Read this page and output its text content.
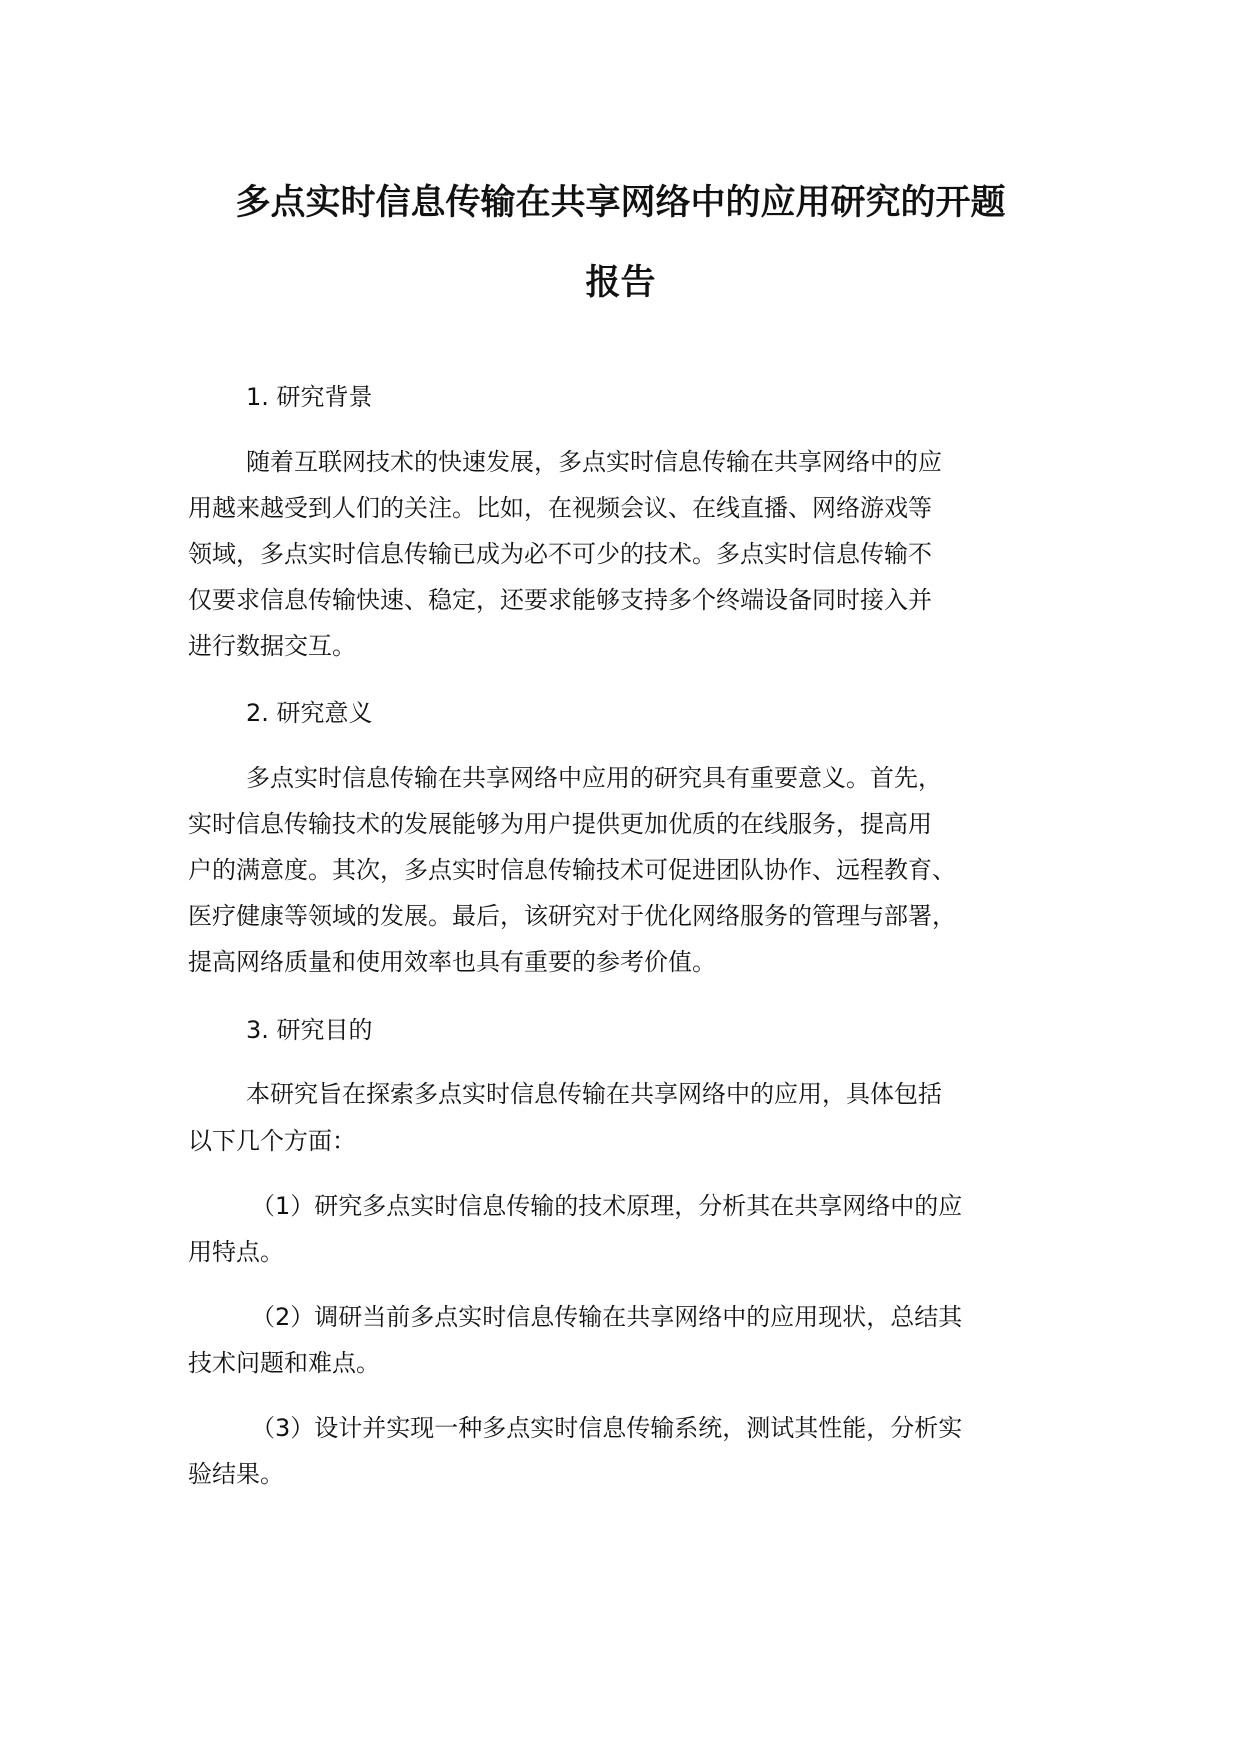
多点实时信息传输在共享网络中的应用研究的开题
报告

1. 研究背景

随着互联网技术的快速发展，多点实时信息传输在共享网络中的应

用越来越受到人们的关注。比如，在视频会议、在线直播、网络游戏等

领域，多点实时信息传输已成为必不可少的技术。多点实时信息传输不

仅要求信息传输快速、稳定，还要求能够支持多个终端设备同时接入并

进行数据交互。

2. 研究意义

多点实时信息传输在共享网络中应用的研究具有重要意义。首先，

实时信息传输技术的发展能够为用户提供更加优质的在线服务，提高用

户的满意度。其次，多点实时信息传输技术可促进团队协作、远程教育、

医疗健康等领域的发展。最后，该研究对于优化网络服务的管理与部署，

提高网络质量和使用效率也具有重要的参考价值。

3. 研究目的

本研究旨在探索多点实时信息传输在共享网络中的应用，具体包括

以下几个方面：

（1）研究多点实时信息传输的技术原理，分析其在共享网络中的应

用特点。

（2）调研当前多点实时信息传输在共享网络中的应用现状，总结其

技术问题和难点。

（3）设计并实现一种多点实时信息传输系统，测试其性能，分析实

验结果。
